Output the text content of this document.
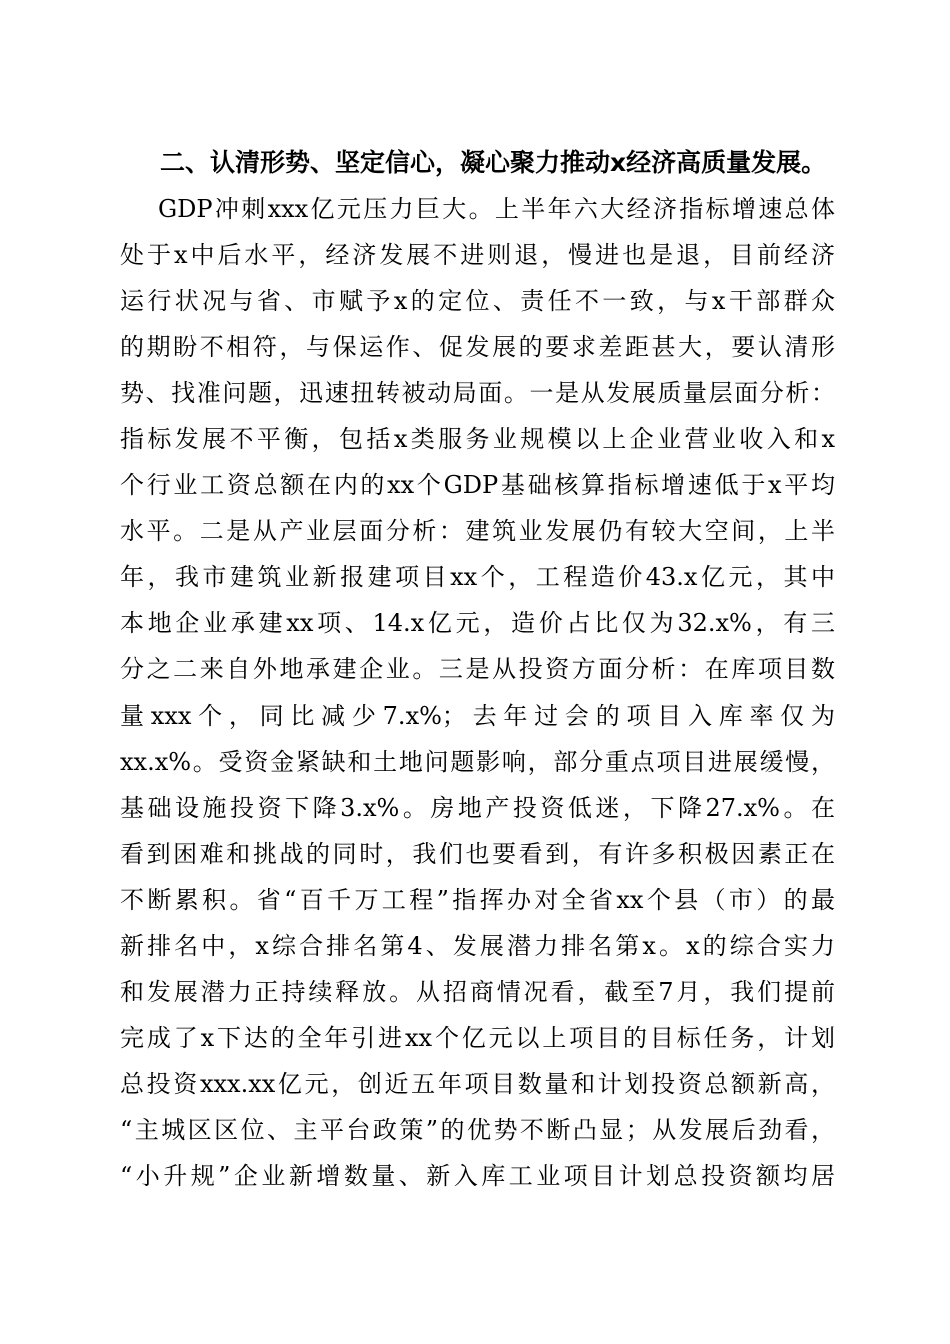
二、认清形势、坚定信心，凝心聚力推动x经济高质量发展。
GDP冲刺xxx亿元压力巨大。上半年六大经济指标增速总体
处于x中后水平，经济发展不进则退，慢进也是退，目前经济
运行状况与省、市赋予x的定位、责任不一致，与x干部群众
的期盼不相符，与保运作、促发展的要求差距甚大，要认清形
势、找准问题，迅速扭转被动局面。一是从发展质量层面分析：
指标发展不平衡，包括x类服务业规模以上企业营业收入和x
个行业工资总额在内的xx个GDP基础核算指标增速低于x平均
水平。二是从产业层面分析：建筑业发展仍有较大空间，上半
年，我市建筑业新报建项目xx个，工程造价43.x亿元，其中
本地企业承建xx项、14.x亿元，造价占比仅为32.x%，有三
分之二来自外地承建企业。三是从投资方面分析：在库项目数
量xxx个，同比减少7.x%；去年过会的项目入库率仅为
xx.x%。受资金紧缺和土地问题影响，部分重点项目进展缓慢，
基础设施投资下降3.x%。房地产投资低迷，下降27.x%。在
看到困难和挑战的同时，我们也要看到，有许多积极因素正在
不断累积。省“百千万工程”指挥办对全省xx个县（市）的最
新排名中，x综合排名第4、发展潜力排名第x。x的综合实力
和发展潜力正持续释放。从招商情况看，截至7月，我们提前
完成了x下达的全年引进xx个亿元以上项目的目标任务，计划
总投资xxx.xx亿元，创近五年项目数量和计划投资总额新高，
“主城区区位、主平台政策”的优势不断凸显；从发展后劲看，
“小升规”企业新增数量、新入库工业项目计划总投资额均居
